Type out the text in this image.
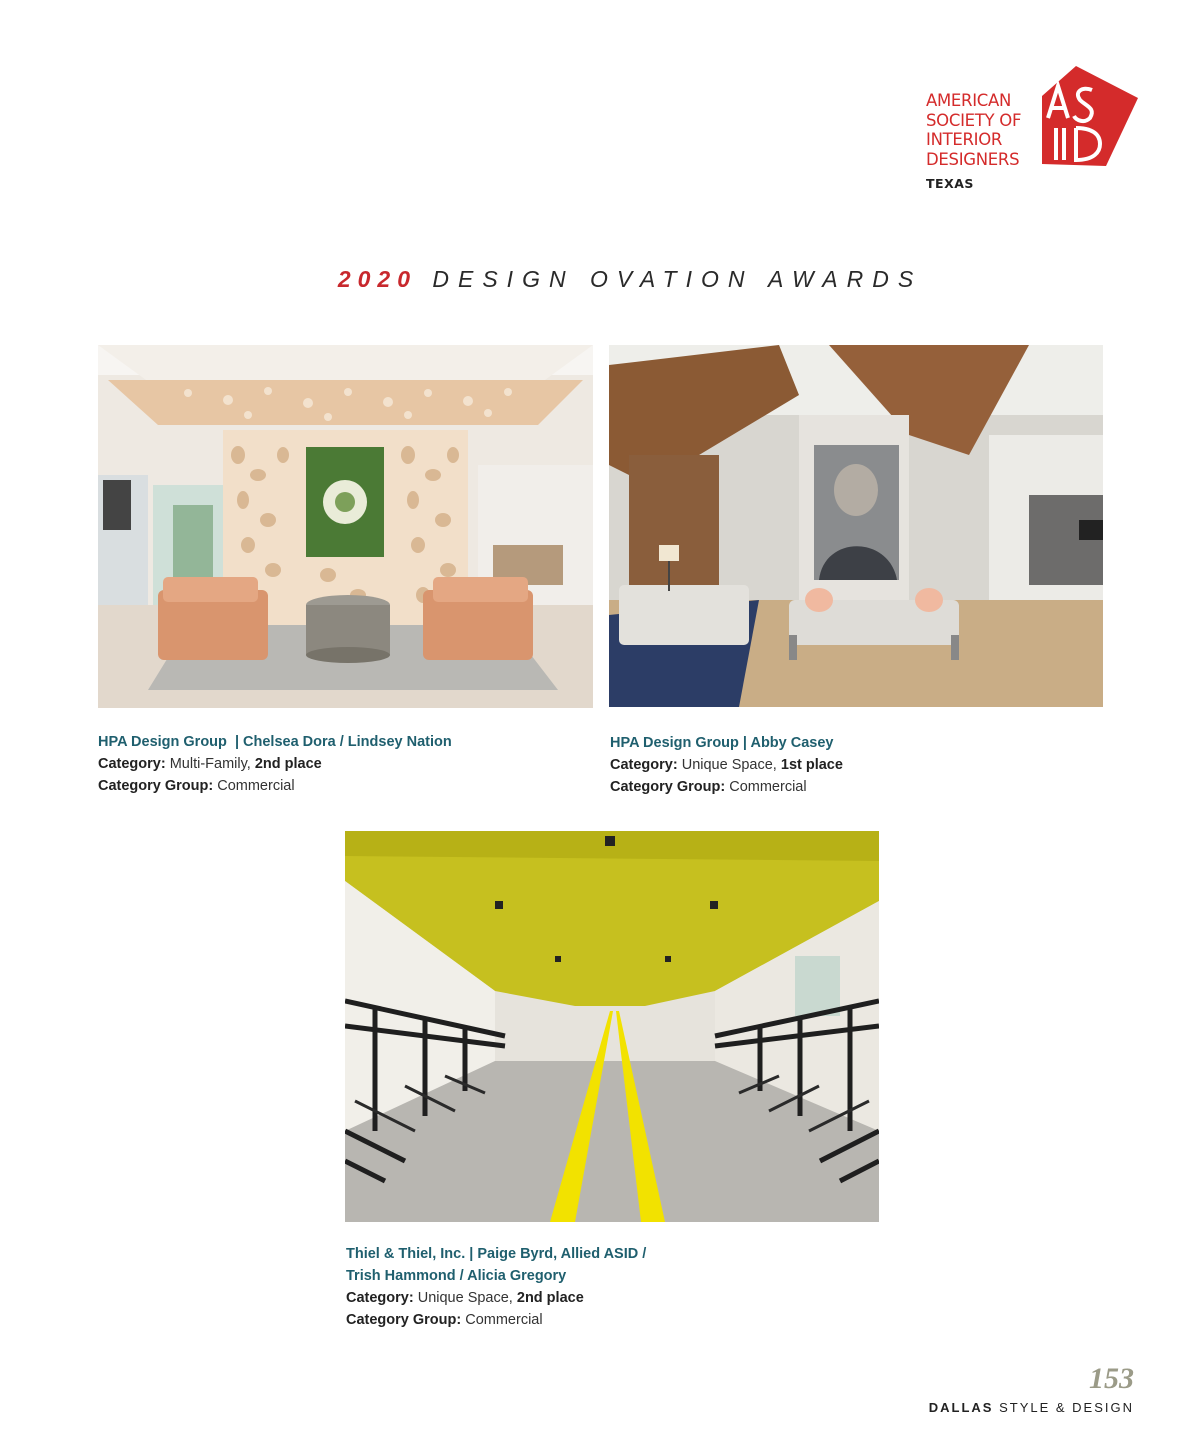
AMERICAN
SOCIETY OF
INTERIOR
DESIGNERS
TEXAS
2020 DESIGN OVATION AWARDS
HPA Design Group  | Chelsea Dora / Lindsey Nation
Category: Multi-Family, 2nd place
Category Group: Commercial
HPA Design Group | Abby Casey
Category: Unique Space, 1st place
Category Group: Commercial
Thiel & Thiel, Inc. | Paige Byrd, Allied ASID /
Trish Hammond / Alicia Gregory
Category: Unique Space, 2nd place
Category Group: Commercial
153
DALLAS STYLE & DESIGN
